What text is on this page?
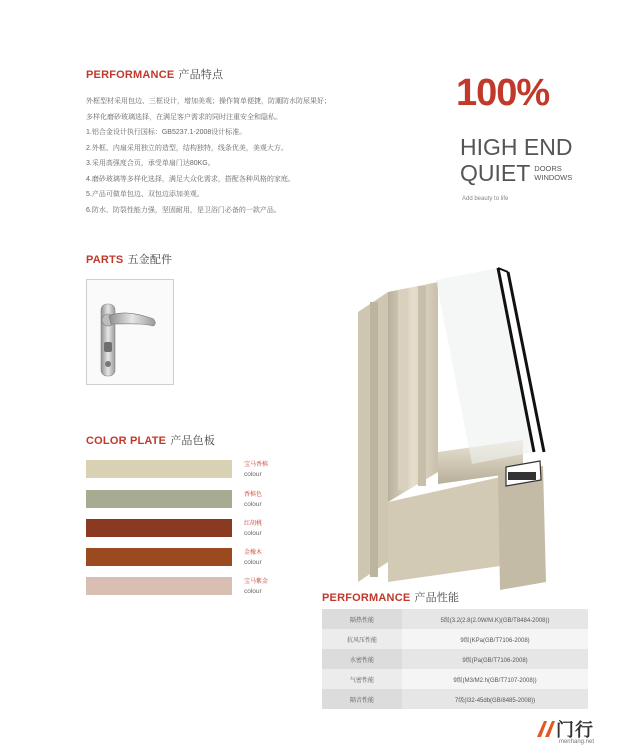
PERFORMANCE 产品特点
外框型材采用包边、三框设计，增加美观；操作简单便捷，防潮防水防尿果好；
多样化磨砂玻璃选择，在满足客户需求的同时注重安全和隐私。
1.铝合金设计执行国标：GB5237.1-2008设计标准。
2.外框、内扇采用独立的造型，结构独特，线条优美，美观大方。
3.采用高强度合页，承受单扇门达80KG。
4.磨砂玻璃等多样化选择，满足大众化需求，搭配各种风格的家庭。
5.产品可做单包边、双包边添加美观。
6.防水、防裂性能力强，坚固耐用，是卫浴门必备的一款产品。
100%
HIGH END
QUIET DOORS
WINDOWS
Add beauty to life
PARTS 五金配件
COLOR PLATE 产品色板
宝马香槟
colour
香槟色
colour
红胡桃
colour
金橡木
colour
宝马紫金
colour
PERFORMANCE 产品性能
隔热性能	5级(3.2(2.8(2.0W/M.K)(GB/T8484-2008))
抗风压性能	9级(KPa(GB/T7106-2008)
水密性能	9级(Pa(GB/T7106-2008)
气密性能	9级(M3/M2.h(GB/T7107-2008))
隔音性能	7级(Ⅰ32-45db(GB/8485-2008))
门行
menhang.net
